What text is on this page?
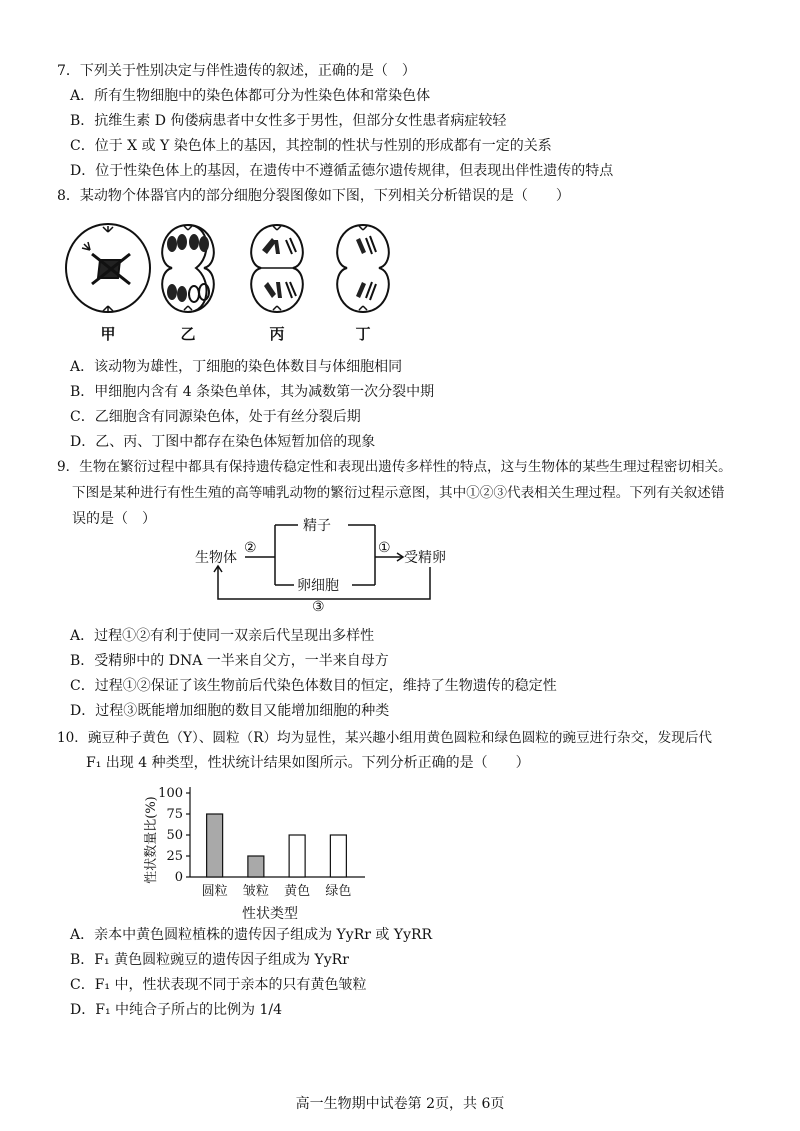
7．下列关于性别决定与伴性遗传的叙述，正确的是（　）
A．所有生物细胞中的染色体都可分为性染色体和常染色体
B．抗维生素 D 佝偻病患者中女性多于男性，但部分女性患者病症较轻
C．位于 X 或 Y 染色体上的基因，其控制的性状与性别的形成都有一定的关系
D．位于性染色体上的基因，在遗传中不遵循孟德尔遗传规律，但表现出伴性遗传的特点
8．某动物个体器官内的部分细胞分裂图像如下图，下列相关分析错误的是（　　）
甲	乙	丙	丁
A．该动物为雄性，丁细胞的染色体数目与体细胞相同
B．甲细胞内含有 4 条染色单体，其为减数第一次分裂中期
C．乙细胞含有同源染色体，处于有丝分裂后期
D．乙、丙、丁图中都存在染色体短暂加倍的现象
9．生物在繁衍过程中都具有保持遗传稳定性和表现出遗传多样性的特点，这与生物体的某些生理过程密切相关。
下图是某种进行有性生殖的高等哺乳动物的繁衍过程示意图，其中①②③代表相关生理过程。下列有关叙述错
误的是（　）
生物体
②
精子
卵细胞
①
受精卵
③
A．过程①②有利于使同一双亲后代呈现出多样性
B．受精卵中的 DNA 一半来自父方，一半来自母方
C．过程①②保证了该生物前后代染色体数目的恒定，维持了生物遗传的稳定性
D．过程③既能增加细胞的数目又能增加细胞的种类
10．豌豆种子黄色（Y）、圆粒（R）均为显性，某兴趣小组用黄色圆粒和绿色圆粒的豌豆进行杂交，发现后代
F₁ 出现 4 种类型，性状统计结果如图所示。下列分析正确的是（　　）
0
25
50
75
100
圆粒 皱粒 黄色 绿色
性状数量比(%)
性状类型
A．亲本中黄色圆粒植株的遗传因子组成为 YyRr 或 YyRR
B．F₁ 黄色圆粒豌豆的遗传因子组成为 YyRr
C．F₁ 中，性状表现不同于亲本的只有黄色皱粒
D．F₁ 中纯合子所占的比例为 1/4
高一生物期中试卷第 2页，共 6页
